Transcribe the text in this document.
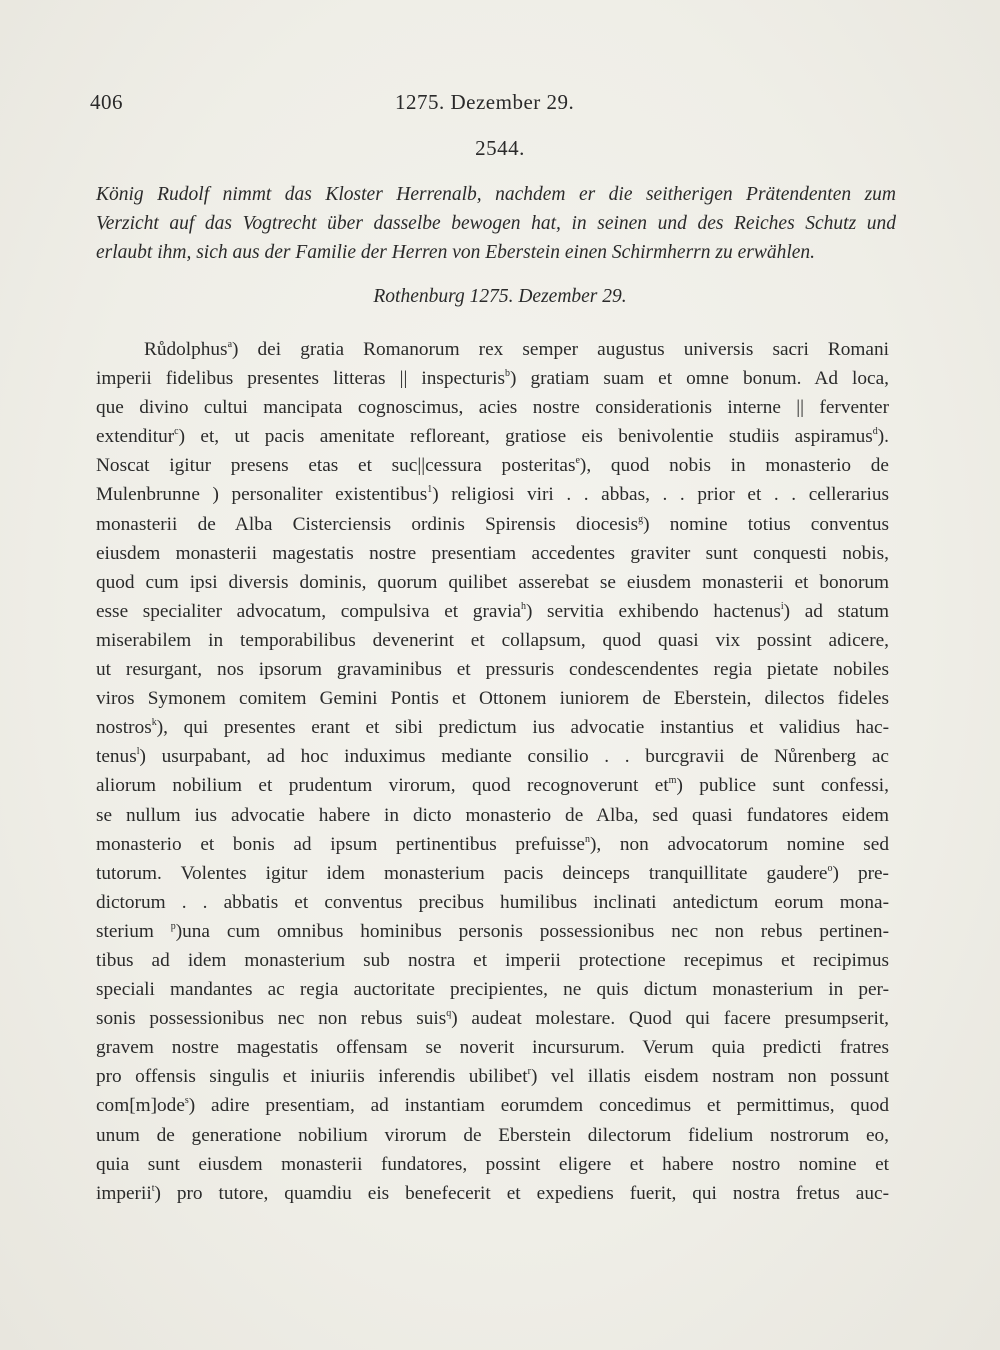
406	1275. Dezember 29.
2544.
König Rudolf nimmt das Kloster Herrenalb, nachdem er die seitherigen Prätendenten zum
Verzicht auf das Vogtrecht über dasselbe bewogen hat, in seinen und des Reiches Schutz und
erlaubt ihm, sich aus der Familie der Herren von Eberstein einen Schirmherrn zu erwählen.
Rothenburg 1275. Dezember 29.
Růdolphus$^a$) dei gratia Romanorum rex semper augustus universis sacri Romani
imperii fidelibus presentes litteras || inspecturis$^b$) gratiam suam et omne bonum. Ad loca,
que divino cultui mancipata cognoscimus, acies nostre considerationis interne || ferventer
extenditur$^c$) et, ut pacis amenitate refloreant, gratiose eis benivolentie studiis aspiramus$^d$).
Noscat igitur presens etas et suc||cessura posteritas$^e$), quod nobis in monasterio de
Mulenbrunne ) personaliter existentibus$^1$) religiosi viri . . abbas, . . prior et . . cellerarius
monasterii de Alba Cisterciensis ordinis Spirensis diocesis$^g$) nomine totius conventus
eiusdem monasterii magestatis nostre presentiam accedentes graviter sunt conquesti nobis,
quod cum ipsi diversis dominis, quorum quilibet asserebat se eiusdem monasterii et bonorum
esse specialiter advocatum, compulsiva et gravia$^h$) servitia exhibendo hactenus$^i$) ad statum
miserabilem in temporabilibus devenerint et collapsum, quod quasi vix possint adicere,
ut resurgant, nos ipsorum gravaminibus et pressuris condescendentes regia pietate nobiles
viros Symonem comitem Gemini Pontis et Ottonem iuniorem de Eberstein, dilectos fideles
nostros$^k$), qui presentes erant et sibi predictum ius advocatie instantius et validius hac-
tenus$^l$) usurpabant, ad hoc induximus mediante consilio . . burcgravii de Nůrenberg ac
aliorum nobilium et prudentum virorum, quod recognoverunt $et^m$) publice sunt confessi,
se nullum ius advocatie habere in dicto monasterio de Alba, sed quasi fundatores eidem
monasterio et bonis ad ipsum pertinentibus prefuisse$^n$), non advocatorum nomine sed
tutorum. Volentes igitur idem monasterium pacis deinceps tranquillitate gaudere$^o$) pre-
dictorum . . abbatis et conventus precibus humilibus inclinati antedictum eorum mona-
sterium $^p$)una cum omnibus hominibus personis possessionibus nec non rebus pertinen-
tibus ad idem monasterium sub nostra et imperii protectione recepimus et recipimus
speciali mandantes ac regia auctoritate precipientes, ne quis dictum monasterium in per-
sonis possessionibus nec non rebus suis$^q$) audeat molestare. Quod qui facere presumpserit,
gravem nostre magestatis offensam se noverit incursurum. Verum quia predicti fratres
pro offensis singulis et iniuriis inferendis ubilibet$^r$) vel illatis eisdem nostram non possunt
com[m]ode$^s$) adire presentiam, ad instantiam eorumdem concedimus et permittimus, quod
unum de generatione nobilium virorum de Eberstein dilectorum fidelium nostrorum eo,
quia sunt eiusdem monasterii fundatores, possint eligere et habere nostro nomine et
imperii$^t$) pro tutore, quamdiu eis benefecerit et expediens fuerit, qui nostra fretus auc-
